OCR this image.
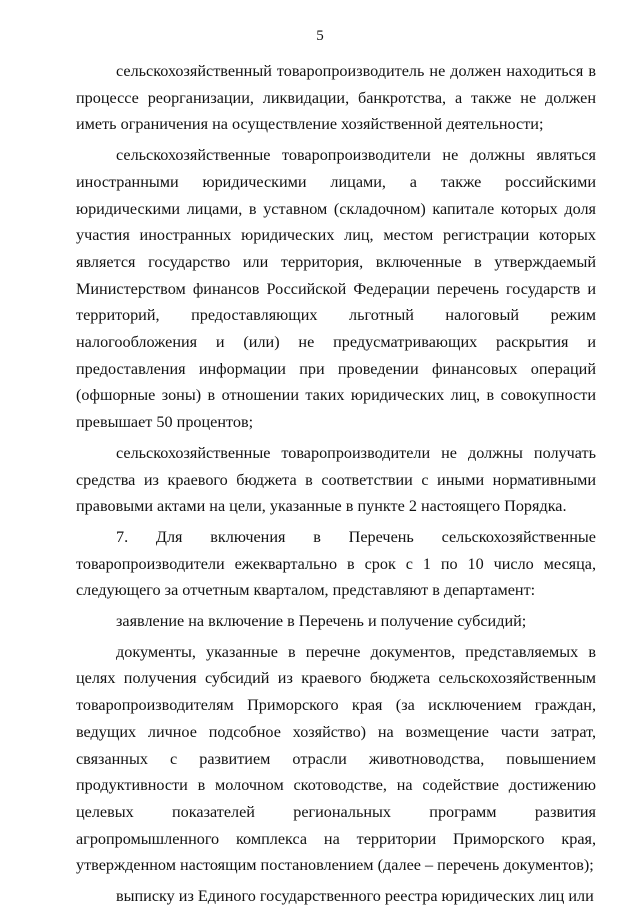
5

сельскохозяйственный товаропроизводитель не должен находиться в процессе реорганизации, ликвидации, банкротства, а также не должен иметь ограничения на осуществление хозяйственной деятельности;

сельскохозяйственные товаропроизводители не должны являться иностранными юридическими лицами, а также российскими юридическими лицами, в уставном (складочном) капитале которых доля участия иностранных юридических лиц, местом регистрации которых является государство или территория, включенные в утверждаемый Министерством финансов Российской Федерации перечень государств и территорий, предоставляющих льготный налоговый режим налогообложения и (или) не предусматривающих раскрытия и предоставления информации при проведении финансовых операций (офшорные зоны) в отношении таких юридических лиц, в совокупности превышает 50 процентов;

сельскохозяйственные товаропроизводители не должны получать средства из краевого бюджета в соответствии с иными нормативными правовыми актами на цели, указанные в пункте 2 настоящего Порядка.

7. Для включения в Перечень сельскохозяйственные товаропроизводители ежеквартально в срок с 1 по 10 число месяца, следующего за отчетным кварталом, представляют в департамент:

заявление на включение в Перечень и получение субсидий;

документы, указанные в перечне документов, представляемых в целях получения субсидий из краевого бюджета сельскохозяйственным товаропроизводителям Приморского края (за исключением граждан, ведущих личное подсобное хозяйство) на возмещение части затрат, связанных с развитием отрасли животноводства, повышением продуктивности в молочном скотоводстве, на содействие достижению целевых показателей региональных программ развития агропромышленного комплекса на территории Приморского края, утвержденном настоящим постановлением (далее – перечень документов);

выписку из Единого государственного реестра юридических лиц или
